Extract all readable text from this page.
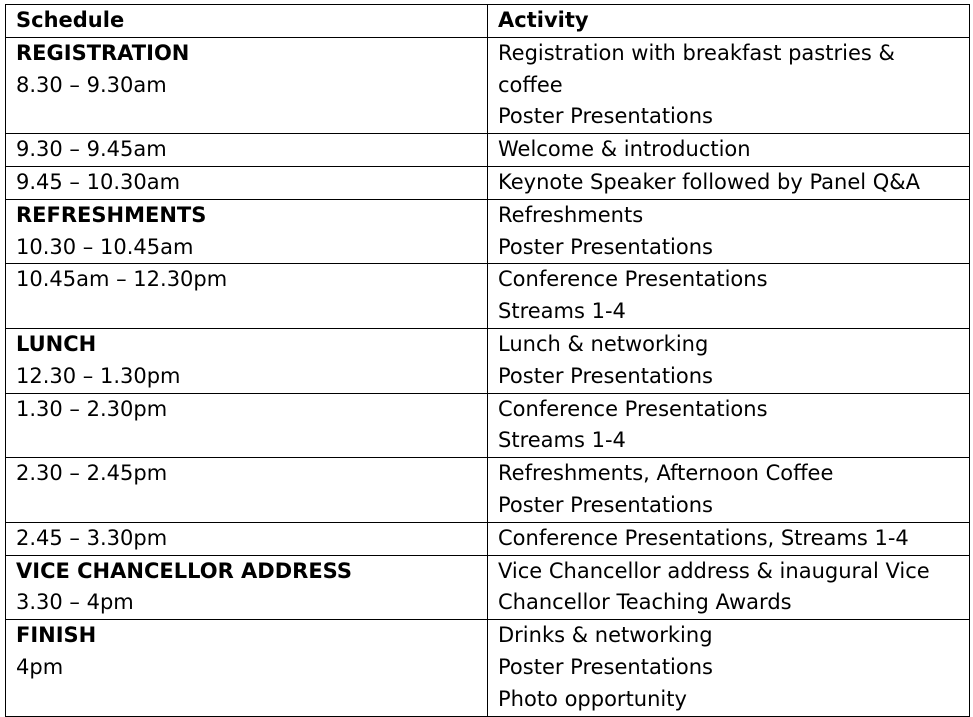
Schedule	Activity

REGISTRATION
8.30 – 9.30am	Registration with breakfast pastries & coffee
Poster Presentations

9.30 – 9.45am	Welcome & introduction

9.45 – 10.30am	Keynote Speaker followed by Panel Q&A

REFRESHMENTS
10.30 – 10.45am	Refreshments
Poster Presentations

10.45am – 12.30pm	Conference Presentations
Streams 1-4

LUNCH
12.30 – 1.30pm	Lunch & networking
Poster Presentations

1.30 – 2.30pm	Conference Presentations
Streams 1-4

2.30 – 2.45pm	Refreshments, Afternoon Coffee
Poster Presentations

2.45 – 3.30pm	Conference Presentations, Streams 1-4

VICE CHANCELLOR ADDRESS
3.30 – 4pm	Vice Chancellor address & inaugural Vice Chancellor Teaching Awards

FINISH
4pm	Drinks & networking
Poster Presentations
Photo opportunity
